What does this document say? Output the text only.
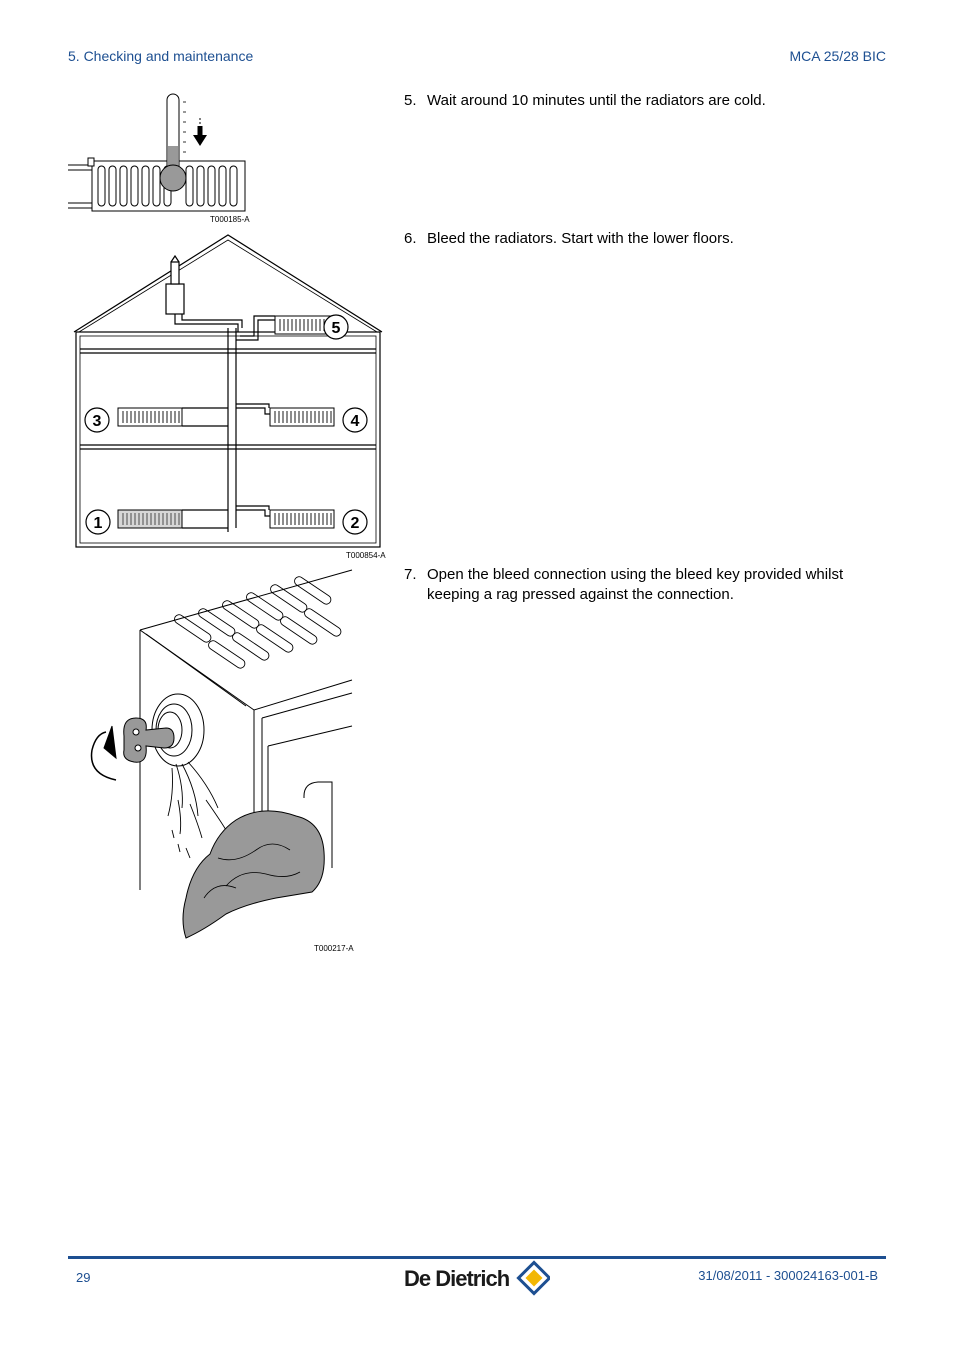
5. Checking and maintenance	MCA 25/28 BIC
5. Wait around 10 minutes until the radiators are cold.
6. Bleed the radiators. Start with the lower floors.
7. Open the bleed connection using the bleed key provided whilst keeping a rag pressed against the connection.
T000185-A
1	2
3	4
5
T000854-A
T000217-A
29	De Dietrich	31/08/2011 - 300024163-001-B
